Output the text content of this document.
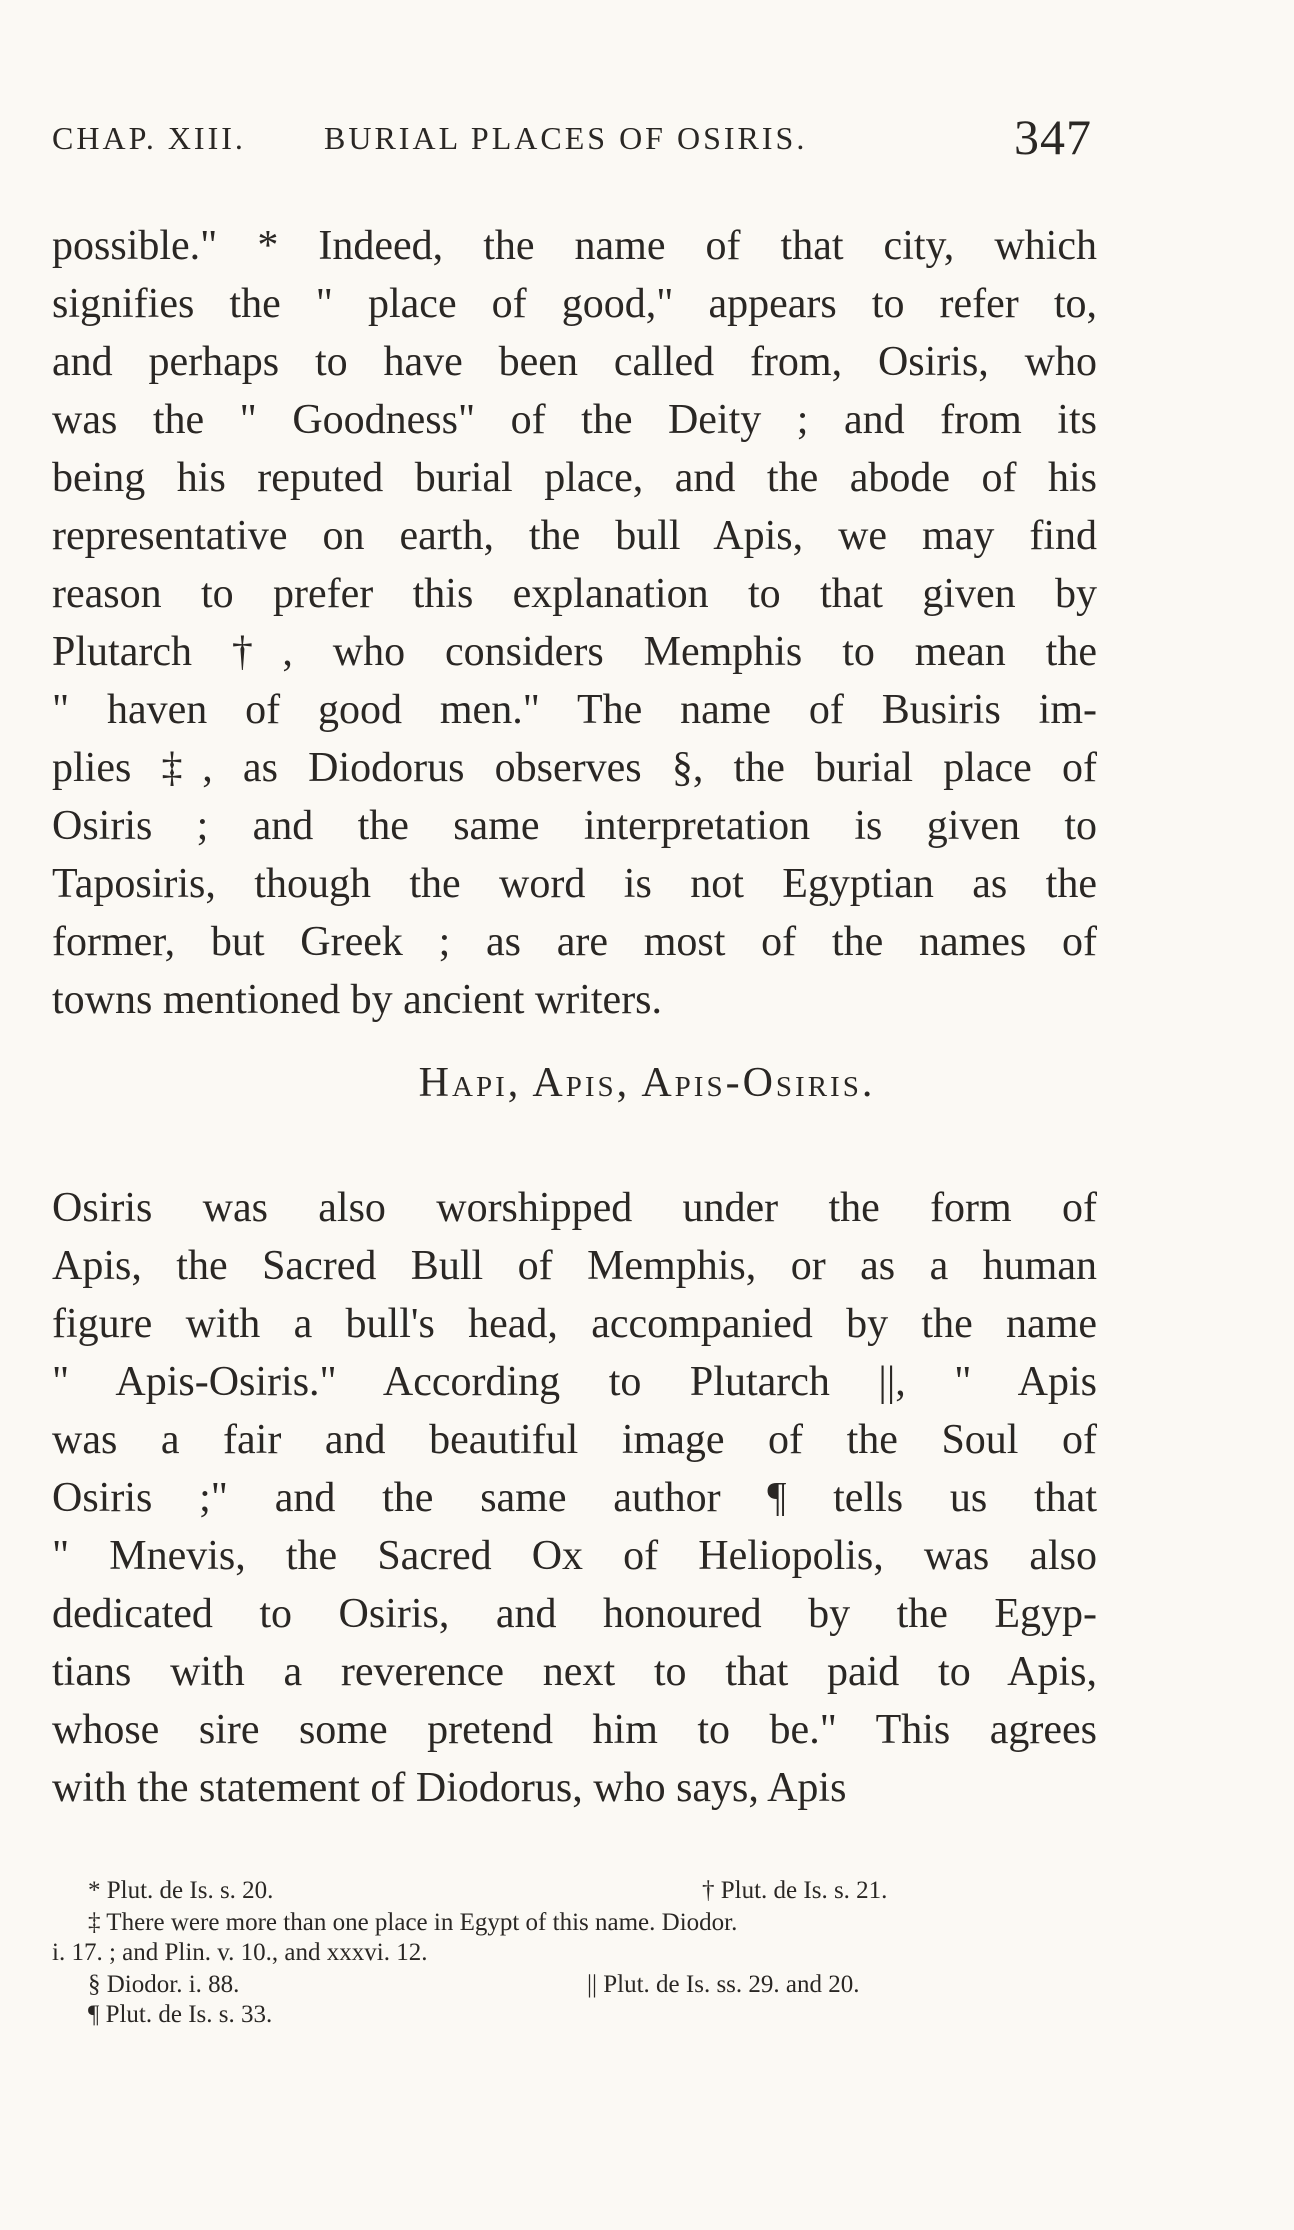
CHAP. XIII. BURIAL PLACES OF OSIRIS.	347
possible." * Indeed, the name of that city, which
signifies the " place of good," appears to refer to,
and perhaps to have been called from, Osiris, who
was the " Goodness" of the Deity ; and from its
being his reputed burial place, and the abode of his
representative on earth, the bull Apis, we may find
reason to prefer this explanation to that given by
Plutarch †, who considers Memphis to mean the
" haven of good men." The name of Busiris im-
plies ‡, as Diodorus observes §, the burial place of
Osiris ; and the same interpretation is given to
Taposiris, though the word is not Egyptian as the
former, but Greek ; as are most of the names of
towns mentioned by ancient writers.
Hapi, Apis, Apis-Osiris.
Osiris was also worshipped under the form of
Apis, the Sacred Bull of Memphis, or as a human
figure with a bull's head, accompanied by the name
" Apis-Osiris." According to Plutarch ||, " Apis
was a fair and beautiful image of the Soul of
Osiris ;" and the same author ¶ tells us that
" Mnevis, the Sacred Ox of Heliopolis, was also
dedicated to Osiris, and honoured by the Egyp-
tians with a reverence next to that paid to Apis,
whose sire some pretend him to be." This agrees
with the statement of Diodorus, who says, Apis
* Plut. de Is. s. 20.	† Plut. de Is. s. 21.
‡ There were more than one place in Egypt of this name. Diodor.
i. 17. ; and Plin. v. 10., and xxxvi. 12.
§ Diodor. i. 88.	|| Plut. de Is. ss. 29. and 20.
¶ Plut. de Is. s. 33.
